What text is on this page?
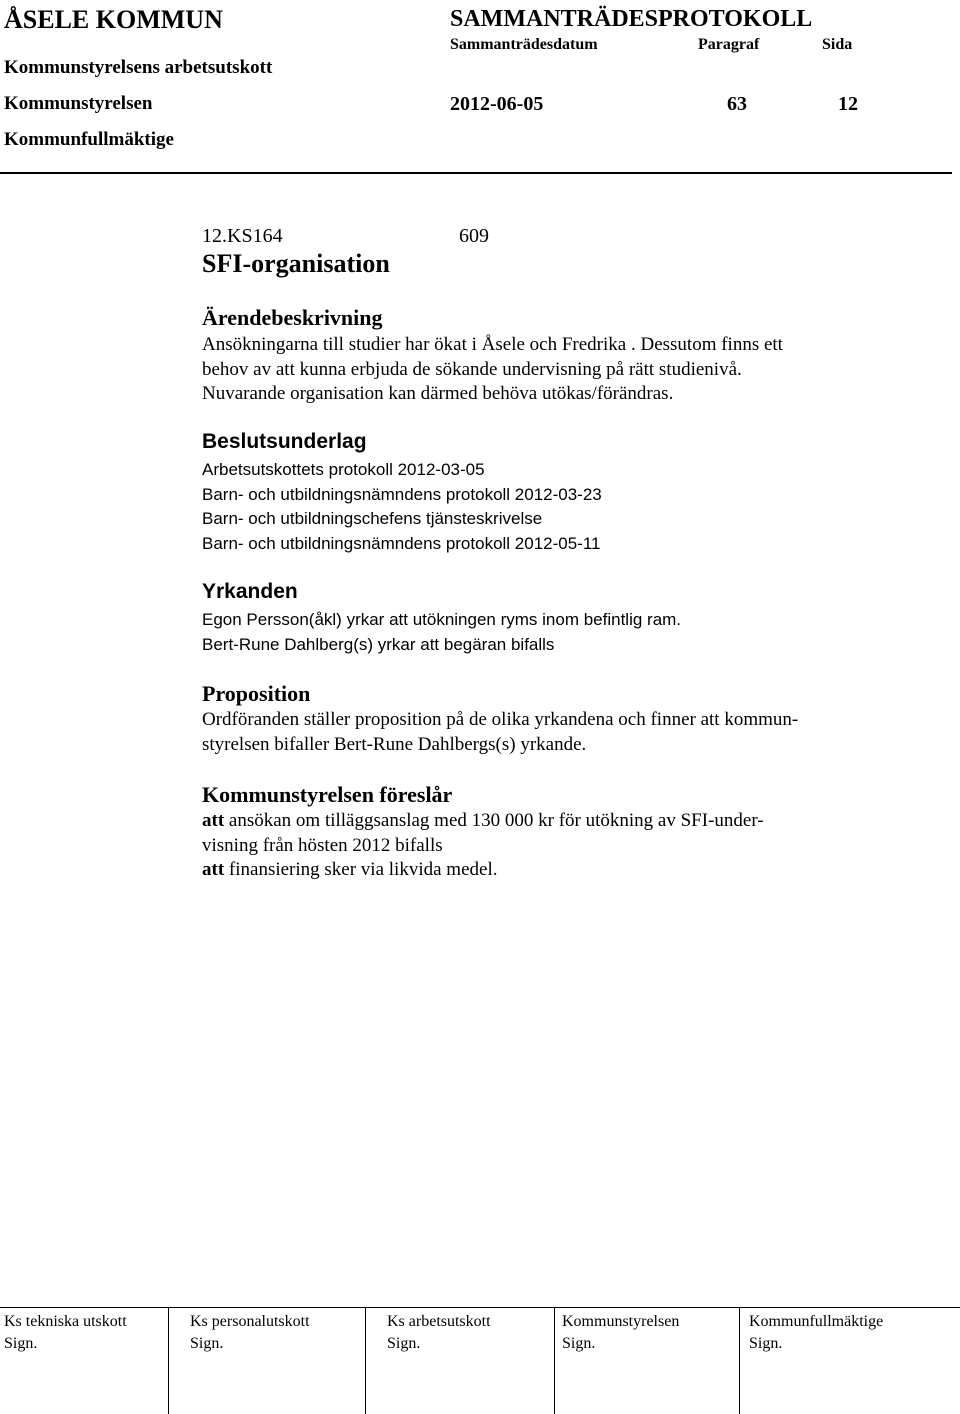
ÅSELE KOMMUN	SAMMANTRÄDESPROTOKOLL
Sammanträdesdatum	Paragraf	Sida
Kommunstyrelsens arbetsutskott
Kommunstyrelsen
Kommunfullmäktige
2012-06-05	63	12
12.KS164	609
SFI-organisation
Ärendebeskrivning
Ansökningarna till studier har ökat i Åsele och Fredrika . Dessutom finns ett
behov av att kunna erbjuda de sökande undervisning på rätt studienivå.
Nuvarande organisation kan därmed behöva utökas/förändras.
Beslutsunderlag
Arbetsutskottets protokoll 2012-03-05
Barn- och utbildningsnämndens protokoll 2012-03-23
Barn- och utbildningschefens tjänsteskrivelse
Barn- och utbildningsnämndens protokoll 2012-05-11
Yrkanden
Egon Persson(åkl) yrkar att utökningen ryms inom befintlig ram.
Bert-Rune Dahlberg(s) yrkar att begäran bifalls
Proposition
Ordföranden ställer proposition på de olika yrkandena och finner att kommun-
styrelsen bifaller Bert-Rune Dahlbergs(s) yrkande.
Kommunstyrelsen föreslår
att ansökan om tilläggsanslag med 130 000 kr för utökning av SFI-under-
visning från hösten 2012 bifalls
att finansiering sker via likvida medel.
Ks tekniska utskott	Ks personalutskott	Ks arbetsutskott	Kommunstyrelsen	Kommunfullmäktige
Sign.	Sign.	Sign.	Sign.	Sign.
